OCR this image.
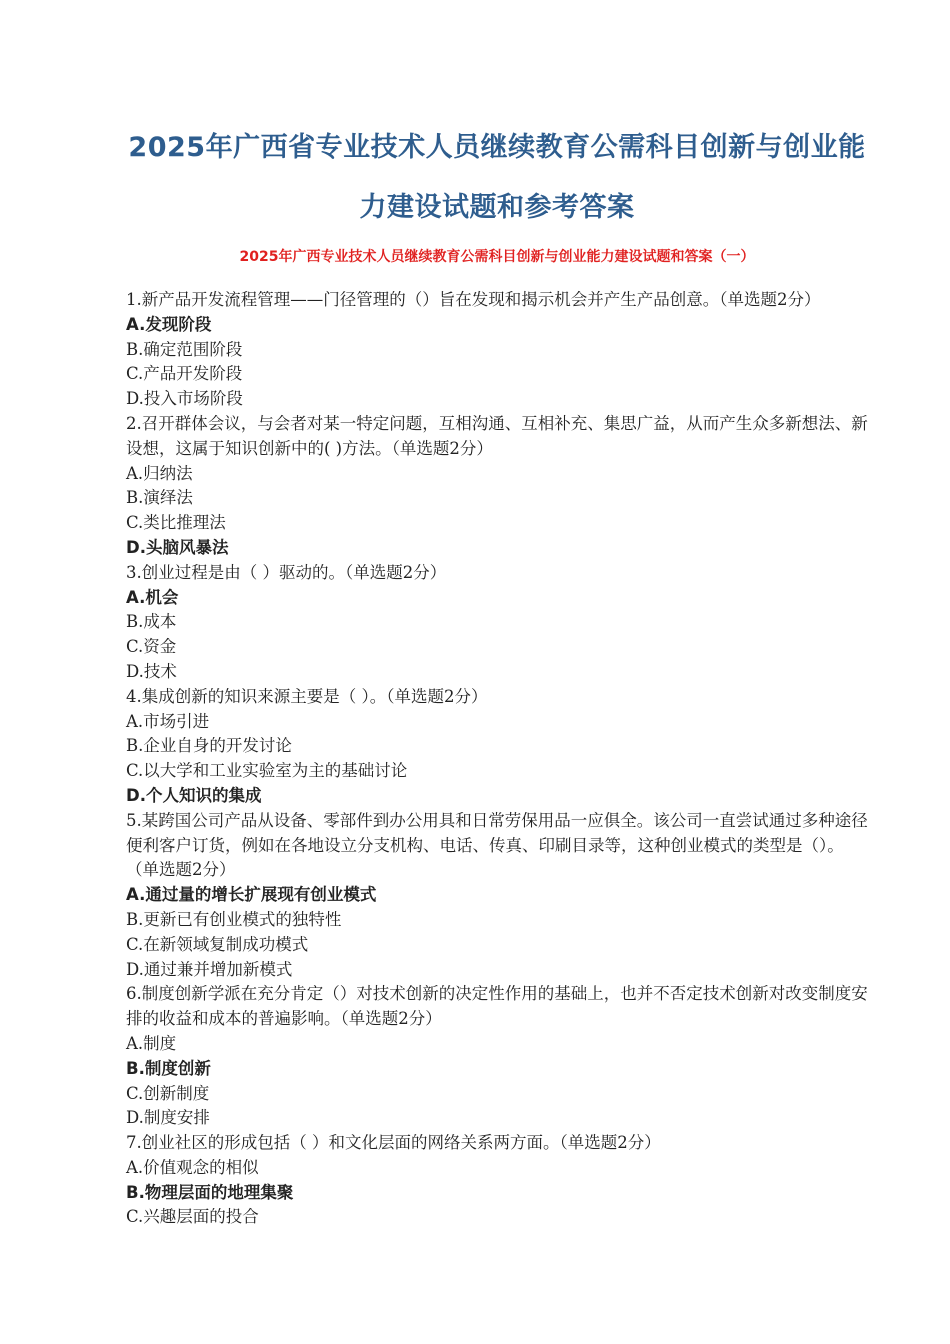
2025年广西省专业技术人员继续教育公需科目创新与创业能力建设试题和参考答案
2025年广西专业技术人员继续教育公需科目创新与创业能力建设试题和答案（一）

1.新产品开发流程管理——门径管理的（）旨在发现和揭示机会并产生产品创意。（单选题2分）

A.发现阶段

B.确定范围阶段

C.产品开发阶段

D.投入市场阶段

2.召开群体会议，与会者对某一特定问题，互相沟通、互相补充、集思广益，从而产生众多新想法、新设想，这属于知识创新中的( )方法。（单选题2分）

A.归纳法

B.演绎法

C.类比推理法

D.头脑风暴法

3.创业过程是由（ ）驱动的。（单选题2分）

A.机会

B.成本

C.资金

D.技术

4.集成创新的知识来源主要是（ ）。（单选题2分）

A.市场引进

B.企业自身的开发讨论

C.以大学和工业实验室为主的基础讨论

D.个人知识的集成

5.某跨国公司产品从设备、零部件到办公用具和日常劳保用品一应俱全。该公司一直尝试通过多种途径便利客户订货，例如在各地设立分支机构、电话、传真、印刷目录等，这种创业模式的类型是（）。（单选题2分）

A.通过量的增长扩展现有创业模式

B.更新已有创业模式的独特性

C.在新领域复制成功模式

D.通过兼并增加新模式

6.制度创新学派在充分肯定（）对技术创新的决定性作用的基础上，也并不否定技术创新对改变制度安排的收益和成本的普遍影响。（单选题2分）

A.制度

B.制度创新

C.创新制度

D.制度安排

7.创业社区的形成包括（ ）和文化层面的网络关系两方面。（单选题2分）

A.价值观念的相似

B.物理层面的地理集聚

C.兴趣层面的投合
